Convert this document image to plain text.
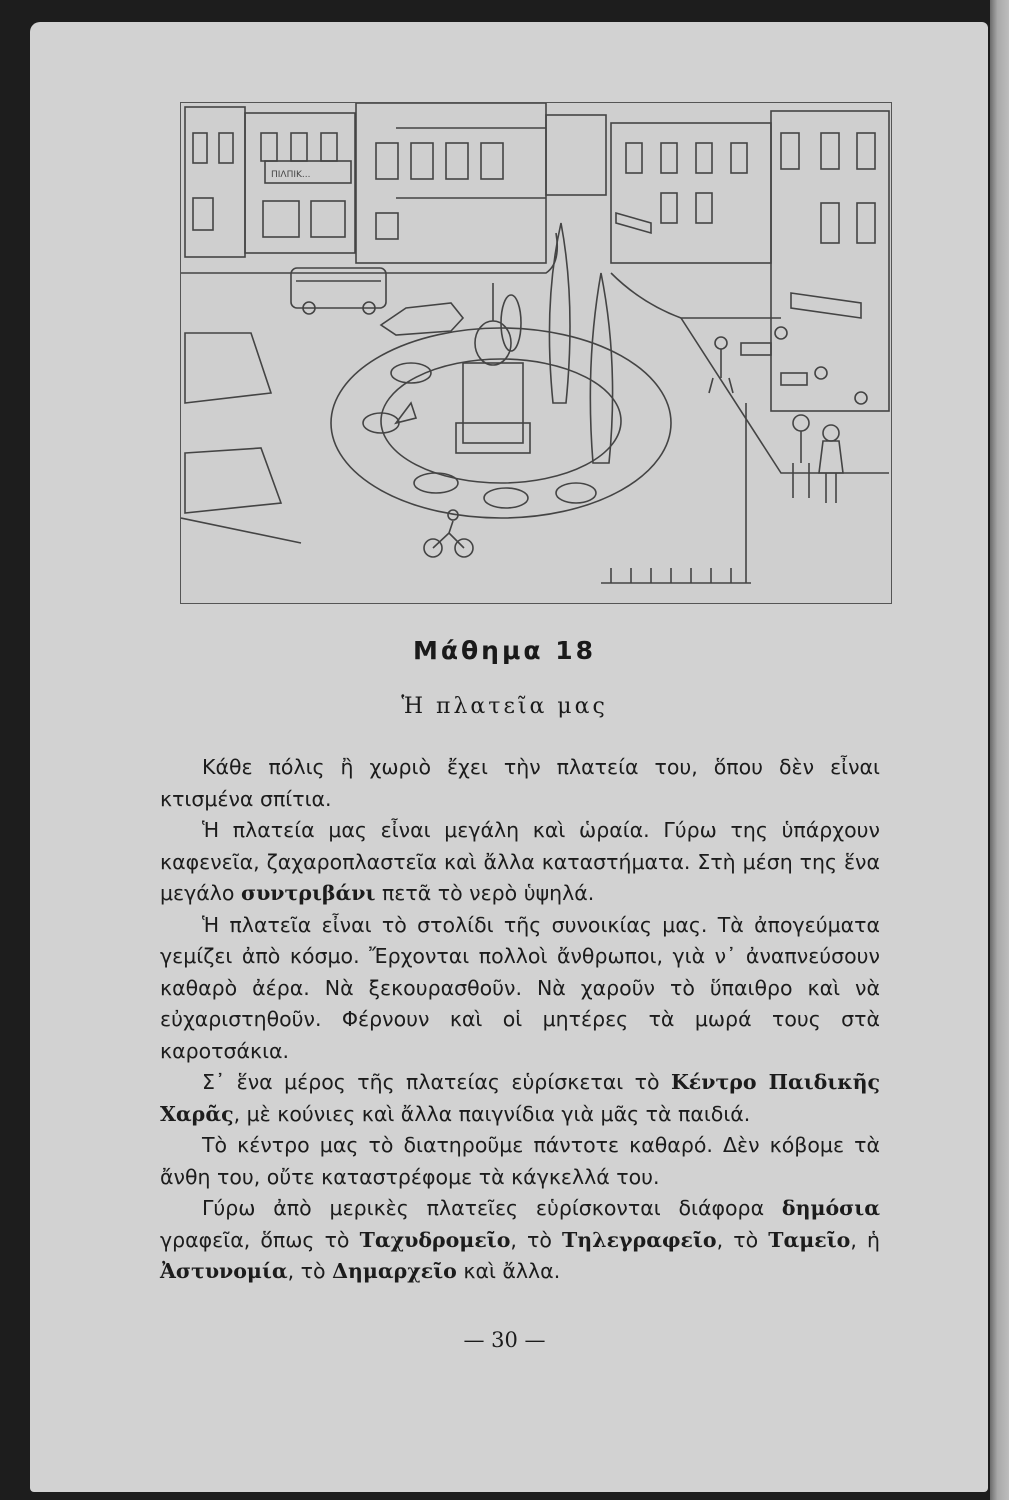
ΠΙΛΠΙΚ...
Μάθημα 18
Ἡ πλατεῖα μας

Κάθε πόλις ἢ χωριὸ ἔχει τὴν πλατεία του, ὅπου δὲν εἶναι κτισμένα σπίτια.

Ἡ πλατεία μας εἶναι μεγάλη καὶ ὡραία. Γύρω της ὑπάρχουν καφενεῖα, ζαχαροπλαστεῖα καὶ ἄλλα καταστήματα. Στὴ μέση της ἕνα μεγάλο συντριβάνι πετᾶ τὸ νερὸ ὑψηλά.

Ἡ πλατεῖα εἶναι τὸ στολίδι τῆς συνοικίας μας. Τὰ ἀπογεύματα γεμίζει ἀπὸ κόσμο. Ἔρχονται πολλοὶ ἄνθρωποι, γιὰ ν᾿ ἀναπνεύσουν καθαρὸ ἀέρα. Νὰ ξεκουρασθοῦν. Νὰ χαροῦν τὸ ὕπαιθρο καὶ νὰ εὐχαριστηθοῦν. Φέρνουν καὶ οἱ μητέρες τὰ μωρά τους στὰ καροτσάκια.

Σ᾿ ἕνα μέρος τῆς πλατείας εὑρίσκεται τὸ Κέντρο Παιδικῆς Χαρᾶς, μὲ κούνιες καὶ ἄλλα παιγνίδια γιὰ μᾶς τὰ παιδιά.

Τὸ κέντρο μας τὸ διατηροῦμε πάντοτε καθαρό. Δὲν κόβομε τὰ ἄνθη του, οὔτε καταστρέφομε τὰ κάγκελλά του.

Γύρω ἀπὸ μερικὲς πλατεῖες εὑρίσκονται διάφορα δημόσια γραφεῖα, ὅπως τὸ Ταχυδρομεῖο, τὸ Τηλεγραφεῖο, τὸ Ταμεῖο, ἡ Ἀστυνομία, τὸ Δημαρχεῖο καὶ ἄλλα.

— 30 —
